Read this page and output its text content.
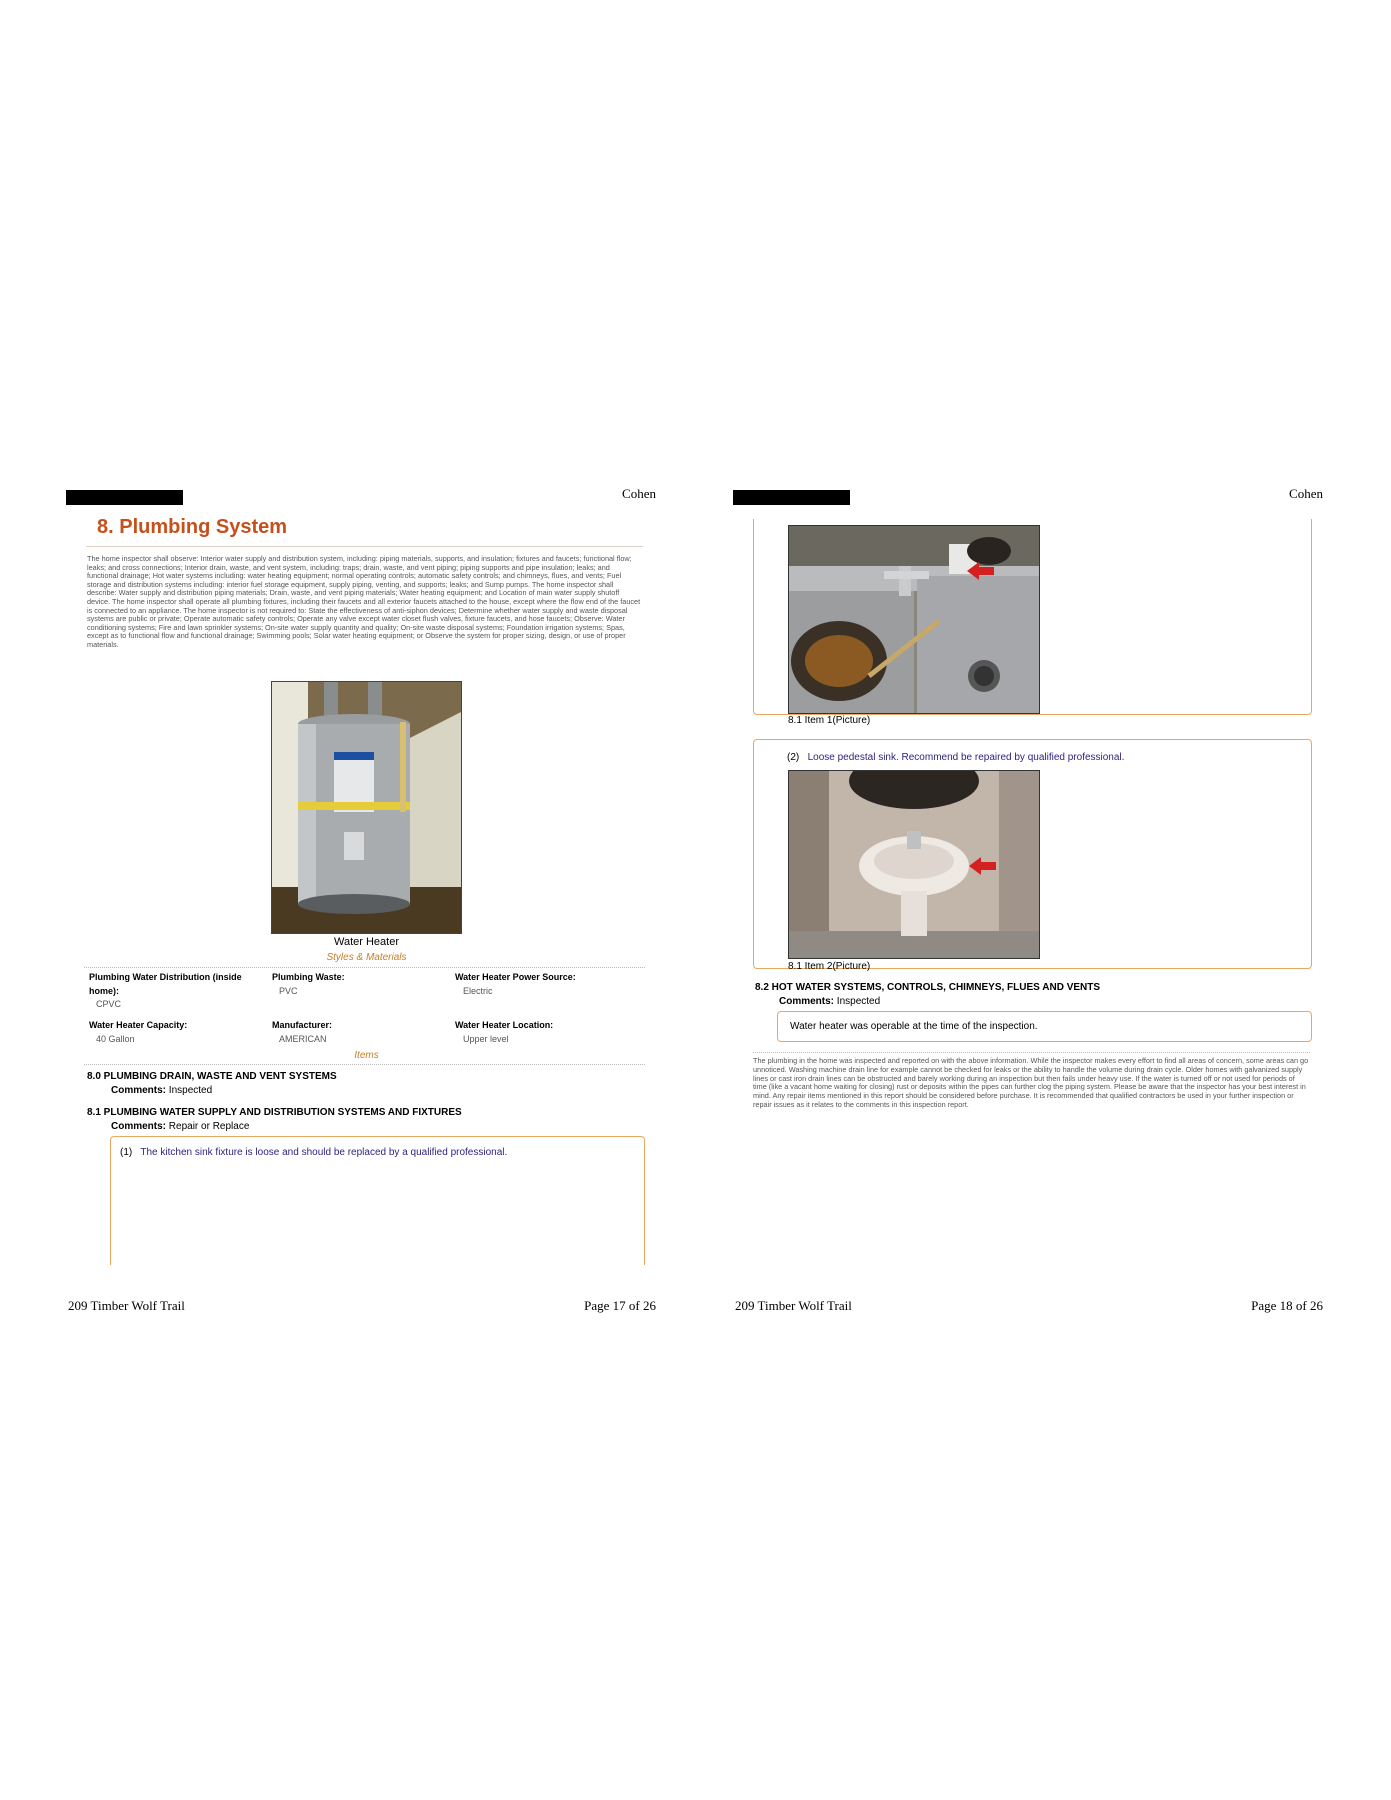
Cohen
8. Plumbing System
The home inspector shall observe: Interior water supply and distribution system, including: piping materials, supports, and insulation; fixtures and faucets; functional flow; leaks; and cross connections; Interior drain, waste, and vent system, including: traps; drain, waste, and vent piping; piping supports and pipe insulation; leaks; and functional drainage; Hot water systems including: water heating equipment; normal operating controls; automatic safety controls; and chimneys, flues, and vents; Fuel storage and distribution systems including: interior fuel storage equipment, supply piping, venting, and supports; leaks; and Sump pumps. The home inspector shall describe: Water supply and distribution piping materials; Drain, waste, and vent piping materials; Water heating equipment; and Location of main water supply shutoff device. The home inspector shall operate all plumbing fixtures, including their faucets and all exterior faucets attached to the house, except where the flow end of the faucet is connected to an appliance. The home inspector is not required to: State the effectiveness of anti-siphon devices; Determine whether water supply and waste disposal systems are public or private; Operate automatic safety controls; Operate any valve except water closet flush valves, fixture faucets, and hose faucets; Observe: Water conditioning systems; Fire and lawn sprinkler systems; On-site water supply quantity and quality; On-site waste disposal systems; Foundation irrigation systems; Spas, except as to functional flow and functional drainage; Swimming pools; Solar water heating equipment; or Observe the system for proper sizing, design, or use of proper materials.
Water Heater
Styles & Materials
Plumbing Water Distribution (inside home):
CPVC
Plumbing Waste:
PVC
Water Heater Power Source:
Electric
Water Heater Capacity:
40 Gallon
Manufacturer:
AMERICAN
Water Heater Location:
Upper level
Items
8.0 PLUMBING DRAIN, WASTE AND VENT SYSTEMS
Comments: Inspected
8.1 PLUMBING WATER SUPPLY AND DISTRIBUTION SYSTEMS AND FIXTURES
Comments: Repair or Replace
(1) The kitchen sink fixture is loose and should be replaced by a qualified professional.
209 Timber Wolf Trail	Page 17 of 26
Cohen
8.1 Item 1(Picture)
(2) Loose pedestal sink. Recommend be repaired by qualified professional.
8.1 Item 2(Picture)
8.2 HOT WATER SYSTEMS, CONTROLS, CHIMNEYS, FLUES AND VENTS
Comments: Inspected
Water heater was operable at the time of the inspection.
The plumbing in the home was inspected and reported on with the above information. While the inspector makes every effort to find all areas of concern, some areas can go unnoticed. Washing machine drain line for example cannot be checked for leaks or the ability to handle the volume during drain cycle. Older homes with galvanized supply lines or cast iron drain lines can be obstructed and barely working during an inspection but then fails under heavy use. If the water is turned off or not used for periods of time (like a vacant home waiting for closing) rust or deposits within the pipes can further clog the piping system. Please be aware that the inspector has your best interest in mind. Any repair items mentioned in this report should be considered before purchase. It is recommended that qualified contractors be used in your further inspection or repair issues as it relates to the comments in this inspection report.
209 Timber Wolf Trail	Page 18 of 26
